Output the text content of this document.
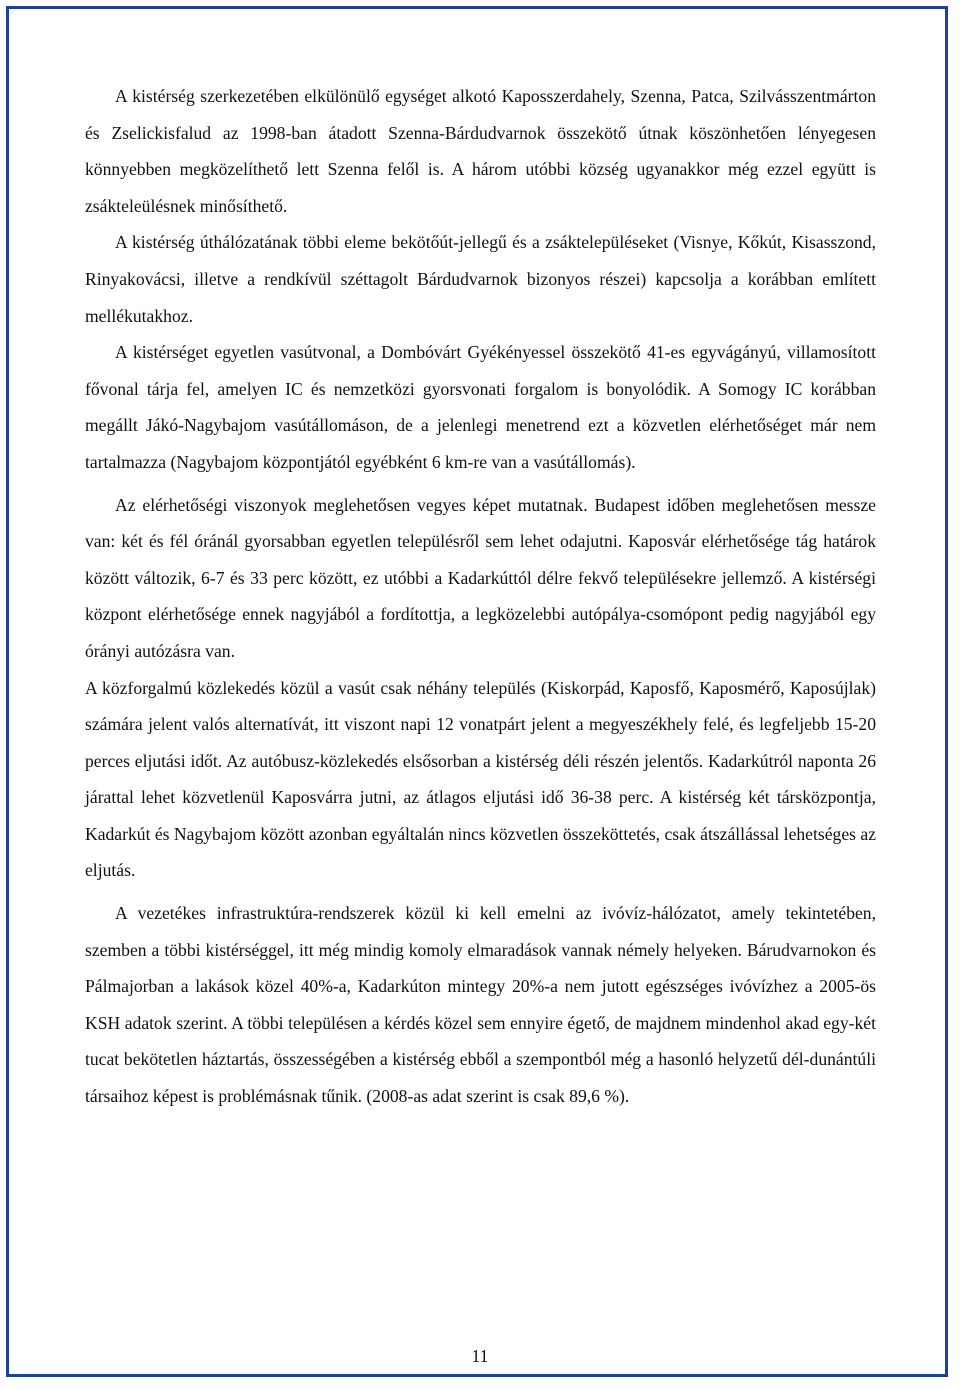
A kistérség szerkezetében elkülönülő egységet alkotó Kaposszerdahely, Szenna, Patca, Szilvásszentmárton és Zselickisfalud az 1998-ban átadott Szenna-Bárdudvarnok összekötő útnak köszönhetően lényegesen könnyebben megközelíthető lett Szenna felől is. A három utóbbi község ugyanakkor még ezzel együtt is zsákteleülésnek minősíthető.

A kistérség úthálózatának többi eleme bekötőút-jellegű és a zsáktelepüléseket (Visnye, Kőkút, Kisasszond, Rinyakovácsi, illetve a rendkívül széttagolt Bárdudvarnok bizonyos részei) kapcsolja a korábban említett mellékutakhoz.

A kistérséget egyetlen vasútvonal, a Dombóvárt Gyékényessel összekötő 41-es egyvágányú, villamosított fővonal tárja fel, amelyen IC és nemzetközi gyorsvonati forgalom is bonyolódik. A Somogy IC korábban megállt Jákó-Nagybajom vasútállomáson, de a jelenlegi menetrend ezt a közvetlen elérhetőséget már nem tartalmazza (Nagybajom központjától egyébként 6 km-re van a vasútállomás).

Az elérhetőségi viszonyok meglehetősen vegyes képet mutatnak. Budapest időben meglehetősen messze van: két és fél óránál gyorsabban egyetlen településről sem lehet odajutni. Kaposvár elérhetősége tág határok között változik, 6-7 és 33 perc között, ez utóbbi a Kadarkúttól délre fekvő településekre jellemző. A kistérségi központ elérhetősége ennek nagyjából a fordítottja, a legközelebbi autópálya-csomópont pedig nagyjából egy órányi autózásra van.

A közforgalmú közlekedés közül a vasút csak néhány település (Kiskorpád, Kaposfő, Kaposmérő, Kaposújlak) számára jelent valós alternatívát, itt viszont napi 12 vonatpárt jelent a megyeszékhely felé, és legfeljebb 15-20 perces eljutási időt. Az autóbusz-közlekedés elsősorban a kistérség déli részén jelentős. Kadarkútról naponta 26 járattal lehet közvetlenül Kaposvárra jutni, az átlagos eljutási idő 36-38 perc. A kistérség két társközpontja, Kadarkút és Nagybajom között azonban egyáltalán nincs közvetlen összeköttetés, csak átszállással lehetséges az eljutás.

A vezetékes infrastruktúra-rendszerek közül ki kell emelni az ivóvíz-hálózatot, amely tekintetében, szemben a többi kistérséggel, itt még mindig komoly elmaradások vannak némely helyeken. Bárudvarnokon és Pálmajorban a lakások közel 40%-a, Kadarkúton mintegy 20%-a nem jutott egészséges ivóvízhez a 2005-ös KSH adatok szerint. A többi településen a kérdés közel sem ennyire égető, de majdnem mindenhol akad egy-két tucat bekötetlen háztartás, összességében a kistérség ebből a szempontból még a hasonló helyzetű dél-dunántúli társaihoz képest is problémásnak tűnik. (2008-as adat szerint is csak 89,6 %).

11
